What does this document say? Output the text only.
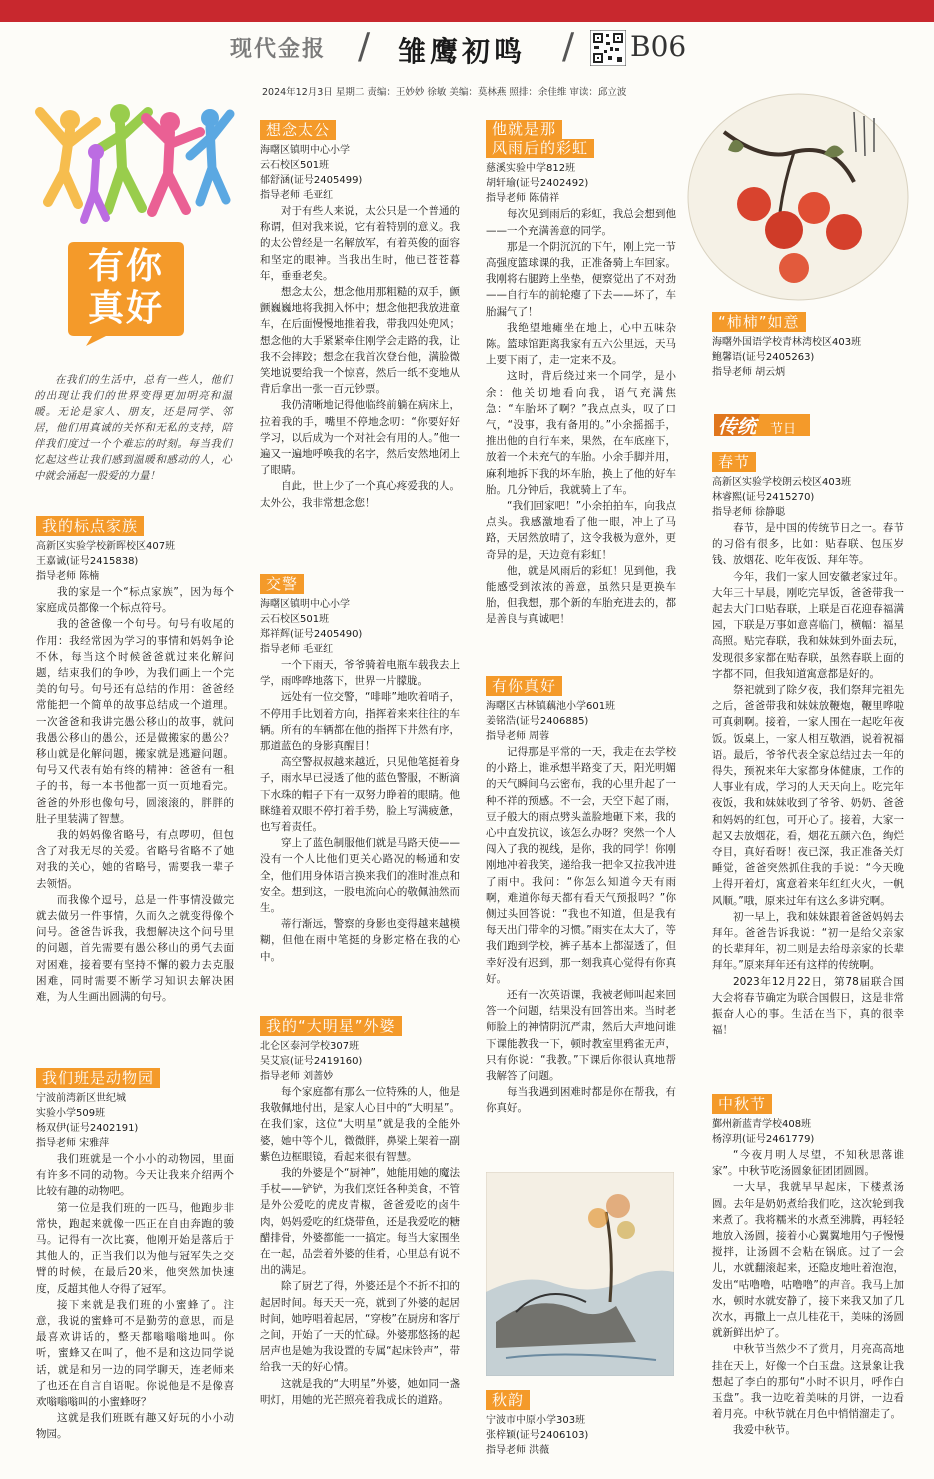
现代金报 / 雏鹰初鸣 / B06
2024年12月3日 星期二 责编：王妙妙 徐敏 美编：莫林燕 照排：余佳维 审读：邱立波
有你
真好
在我们的生活中，总有一些人，他们的出现让我们的世界变得更加明亮和温暖。无论是家人、朋友，还是同学、邻居，他们用真诚的关怀和无私的支持，陪伴我们度过一个个难忘的时刻。每当我们忆起这些让我们感到温暖和感动的人，心中就会涌起一股爱的力量！
我的标点家族
高新区实验学校新晖校区407班
王嘉诚(证号2415838)
指导老师 陈楠

我的家是一个“标点家族”，因为每个家庭成员都像一个标点符号。

我的爸爸像一个句号。句号有收尾的作用：我经常因为学习的事情和妈妈争论不休，每当这个时候爸爸就过来化解问题，结束我们的争吵，为我们画上一个完美的句号。句号还有总结的作用：爸爸经常能把一个简单的故事总结成一个道理。一次爸爸和我讲完愚公移山的故事，就问我愚公移山的愚公，还是做搬家的愚公？移山就是化解问题，搬家就是逃避问题。句号又代表有始有终的精神：爸爸有一租子的书，每一本书他都一页一页地看完。爸爸的外形也像句号，圆滚滚的，胖胖的肚子里装满了智慧。

我的妈妈像省略号，有点啰叨，但包含了对我无尽的关爱。省略号省略不了她对我的关心，她的省略号，需要我一辈子去领悟。

而我像个逗号，总是一件事情没做完就去做另一件事情，久而久之就变得像个问号。爸爸告诉我，我想解决这个问号里的问题，首先需要有愚公移山的勇气去面对困难，接着要有坚持不懈的毅力去克服困难，同时需要不断学习知识去解决困难，为人生画出圆满的句号。

我们班是动物园
宁波前湾新区世纪城
实验小学509班
杨双伊(证号2402191)
指导老师 宋雅萍

我们班就是一个小小的动物园，里面有许多不同的动物。今天让我来介绍两个比较有趣的动物吧。

第一位是我们班的一匹马，他跑步非常快，跑起来就像一匹正在自由奔跑的骏马。记得有一次比赛，他刚开始是落后于其他人的，正当我们以为他与冠军失之交臂的时候，在最后20米，他突然加快速度，反超其他人夺得了冠军。

接下来就是我们班的小蜜蜂了。注意，我说的蜜蜂可不是勤劳的意思，而是最喜欢讲话的，整天都嗡嗡嗡地叫。你听，蜜蜂又在叫了，他不是和这边同学说话，就是和另一边的同学聊天，连老师来了也还在自言自语呢。你说他是不是像喜欢嗡嗡嗡叫的小蜜蜂呀？

这就是我们班既有趣又好玩的小小动物园。

想念太公
海曙区镇明中心小学
云石校区501班
郁舒涵(证号2405499)
指导老师 毛亚红

对于有些人来说，太公只是一个普通的称谓，但对我来说，它有着特别的意义。我的太公曾经是一名解放军，有着英俊的面容和坚定的眼神。当我出生时，他已苍苍暮年，垂垂老矣。

想念太公，想念他用那粗糙的双手，颤颤巍巍地将我拥入怀中；想念他把我放进童车，在后面慢慢地推着我，带我四处兜风；想念他的大手紧紧牵住刚学会走路的我，让我不会摔跤；想念在我首次登台他，满脸微笑地说要给我一个惊喜，然后一纸不变地从背后拿出一张一百元钞票。

我仍清晰地记得他临终前躺在病床上，拉着我的手，嘴里不停地念叨：“你要好好学习，以后成为一个对社会有用的人。”他一遍又一遍地呼唤我的名字，然后安然地闭上了眼睛。

自此，世上少了一个真心疼爱我的人。太外公，我非常想念您！

交警
海曙区镇明中心小学
云石校区501班
郑祥辉(证号2405490)
指导老师 毛亚红

一个下雨天，爷爷骑着电瓶车载我去上学，雨哗哗地落下，世界一片朦胧。

远处有一位交警，“啡啡”地吹着哨子，不停用手比划着方向，指挥着来来往往的车辆。所有的车辆都在他的指挥下井然有序，那道蓝色的身影真醒目！

高空警叔叔越来越近，只见他笔挺着身子，雨水早已浸透了他的蓝色警服，不断滴下水珠的帽子下有一双努力睁着的眼睛。他眯缝着双眼不停打着手势，脸上写满疲惫，也写着责任。

穿上了蓝色制服他们就是马路天使——没有一个人比他们更关心路况的畅通和安全，他们用身体语言换来我们的准时准点和安全。想到这，一股电流向心的敬佩油然而生。

蒂行渐远，警察的身影也变得越来越模糊，但他在雨中笔挺的身影定格在我的心中。

我的“大明星”外婆
北仑区泰河学校307班
吴艾宸(证号2419160)
指导老师 刘蔷妙

每个家庭都有那么一位特殊的人，他是我敬佩地付出，是家人心目中的“大明星”。在我们家，这位“大明星”就是我的全能外婆，她中等个儿，微微胖，鼻梁上架着一副紫色边框眼镜，看起来很有智慧。

我的外婆是个“厨神”，她能用她的魔法手杖——铲铲，为我们烹饪各种美食，不管是外公爱吃的虎皮青椒，爸爸爱吃的卤牛肉，妈妈爱吃的红烧带鱼，还是我爱吃的糖醋排骨，外婆都能一一搞定。每当大家围坐在一起，品尝着外婆的佳肴，心里总有说不出的满足。

除了厨艺了得，外婆还是个不折不扣的起居时间。每天天一亮，就到了外婆的起居时间，她哼唱着起居，“穿梭”在厨房和客厅之间，开始了一天的忙碌。外婆那悠扬的起居声也是她为我设置的专属“起床铃声”，带给我一天的好心情。

这就是我的“大明星”外婆，她如同一盏明灯，用她的光芒照亮着我成长的道路。

他就是那
风雨后的彩虹
慈溪实验中学812班
胡轩瑜(证号2402492)
指导老师 陈倩祥

每次见到雨后的彩虹，我总会想到他——一个充满善意的同学。

那是一个阴沉沉的下午，刚上完一节高强度篮球课的我，正准备骑上车回家。我刚将右腿跨上坐垫，便察觉出了不对劲——自行车的前轮瘪了下去——坏了，车胎漏气了！

我绝望地瘫坐在地上，心中五味杂陈。篮球馆距离我家有五六公里远，天马上要下雨了，走一定来不及。

这时，背后绕过来一个同学，是小余：他关切地看向我，语气充满焦急：“车胎坏了啊？”我点点头，叹了口气，“没事，我有备用的。”小余摇摇手，推出他的自行车来，果然，在车底座下，放着一个未充气的车胎。小余手脚并用，麻利地拆下我的坏车胎，换上了他的好车胎。几分钟后，我就骑上了车。

“我们回家吧！”小余拍拍车，向我点点头。我感激地看了他一眼，冲上了马路，天居然放晴了，这令我极为意外，更奇异的是，天边竟有彩虹！

他，就是风雨后的彩虹！见到他，我能感受到浓浓的善意，虽然只是更换车胎，但我想，那个新的车胎充进去的，都是善良与真诚吧！

有你真好
海曙区古林镇藕池小学601班
姜铭浩(证号2406885)
指导老师 周蓉

记得那是平常的一天，我走在去学校的小路上，谁承想半路变了天，阳光明媚的天气瞬间乌云密布，我的心里升起了一种不祥的预感。不一会，天空下起了雨，豆子般大的雨点劈头盖脸地砸下来，我的心中直发抗议，该怎么办呀？突然一个人闯入了我的视线，是你，我的同学！你刚刚地冲着我笑，递给我一把伞又拉我冲进了雨中。我问：“你怎么知道今天有雨啊，难道你每天都有看天气预报吗？”你侧过头回答说：“我也不知道，但是我有每天出门带伞的习惯。”雨实在太大了，等我们跑到学校，裤子基本上都湿透了，但幸好没有迟到，那一刻我真心觉得有你真好。

还有一次英语课，我被老师叫起来回答一个问题，结果没有回答出来。当时老师脸上的神情阴沉严肃，然后大声地问谁下课能教我一下，顿时教室里鸦雀无声，只有你说：“我教。”下课后你很认真地帮我解答了问题。

每当我遇到困难时都是你在帮我，有你真好。

秋韵
宁波市中原小学303班
张梓颖(证号2406103)
指导老师 洪薇
“柿柿”如意
海曙外国语学校青林湾校区403班
鲍馨语(证号2405263)
指导老师 胡云炳
传统 节日
春节
高新区实验学校朗云校区403班
林睿熙(证号2415270)
指导老师 徐静聪

春节，是中国的传统节日之一。春节的习俗有很多，比如：贴春联、包压岁钱、放烟花、吃年夜饭、拜年等。

今年，我们一家人回安徽老家过年。大年三十早晨，刚吃完早饭，爸爸带我一起去大门口贴春联，上联是百花迎春福满园，下联是万事如意喜临门，横幅：福星高照。贴完春联，我和妹妹到外面去玩，发现很多家都在贴春联，虽然春联上面的字都不同，但我知道寓意都是好的。

祭祀就到了除夕夜，我们祭拜完祖先之后，爸爸带我和妹妹放鞭炮，鞭里哗啦可真刺啊。接着，一家人围在一起吃年夜饭。饭桌上，一家人相互敬酒，说着祝福语。最后，爷爷代表全家总结过去一年的得失，预祝来年大家都身体健康，工作的人事业有成，学习的人天天向上。吃完年夜饭，我和妹妹收到了爷爷、奶奶、爸爸和妈妈的红包，可开心了。接着，大家一起又去放烟花，看，烟花五颜六色，绚烂夺目，真好看呀！夜已深，我正准备关灯睡觉，爸爸突然抓住我的手说：“今天晚上得开着灯，寓意着来年红红火火，一帆风顺。”哦，原来过年有这么多讲究啊。

初一早上，我和妹妹跟着爸爸妈妈去拜年。爸爸告诉我说：“初一是给父亲家的长辈拜年，初二则是去给母亲家的长辈拜年。”原来拜年还有这样的传统啊。

2023年12月22日，第78届联合国大会将春节确定为联合国假日，这是非常振奋人心的事。生活在当下，真的很幸福！

中秋节
鄞州新蓝青学校408班
杨淳玥(证号2461779)

“今夜月明人尽望，不知秋思落谁家”。中秋节吃汤圆象征团团圆圆。

一大早，我就早早起床，下楼煮汤圆。去年是奶奶煮给我们吃，这次轮到我来煮了。我将糯米的水煮至沸腾，再轻轻地放入汤圆，接着小心翼翼地用勺子慢慢搅拌，让汤圆不会粘在锅底。过了一会儿，水就翻滚起来，还隐皮地吐着泡泡，发出“咕噜噜，咕噜噜”的声音。我马上加水，顿时水就安静了，接下来我又加了几次水，再撒上一点儿桂花干，美味的汤圆就新鲜出炉了。

中秋节当然少不了赏月，月亮高高地挂在天上，好像一个白玉盘。这景象让我想起了李白的那句“小时不识月，呼作白玉盘”。我一边吃着美味的月饼，一边看着月亮。中秋节就在月色中悄悄溜走了。

我爱中秋节。
